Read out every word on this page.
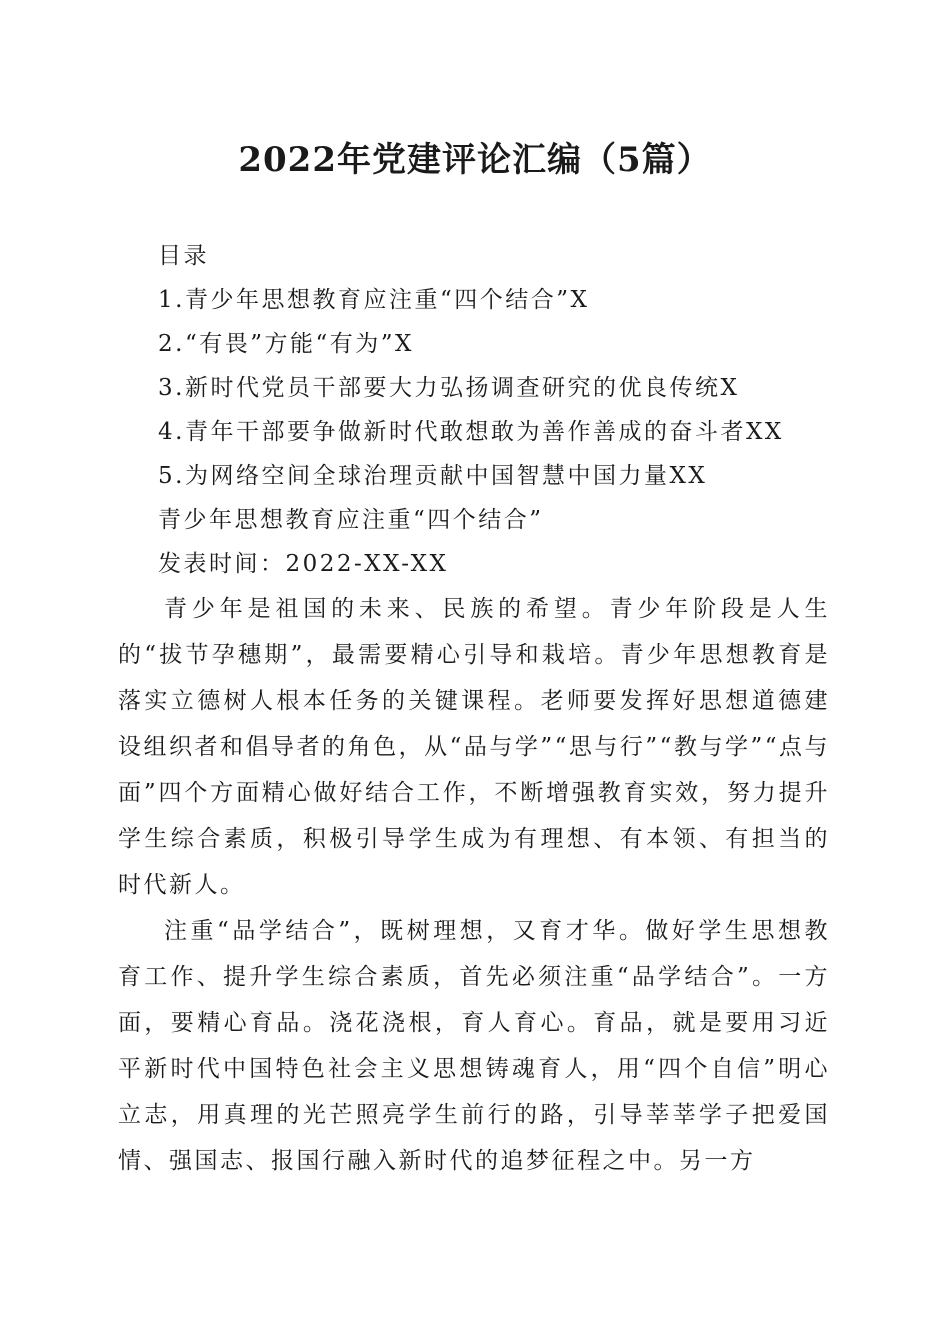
2022年党建评论汇编（5篇）
目录
1.青少年思想教育应注重“四个结合”X
2.“有畏”方能“有为”X
3.新时代党员干部要大力弘扬调查研究的优良传统X
4.青年干部要争做新时代敢想敢为善作善成的奋斗者XX
5.为网络空间全球治理贡献中国智慧中国力量XX
青少年思想教育应注重“四个结合”
发表时间：2022-XX-XX

青少年是祖国的未来、民族的希望。青少年阶段是人生的“拔节孕穗期”，最需要精心引导和栽培。青少年思想教育是落实立德树人根本任务的关键课程。老师要发挥好思想道德建设组织者和倡导者的角色，从“品与学”“思与行”“教与学”“点与面”四个方面精心做好结合工作，不断增强教育实效，努力提升学生综合素质，积极引导学生成为有理想、有本领、有担当的时代新人。

注重“品学结合”，既树理想，又育才华。做好学生思想教育工作、提升学生综合素质，首先必须注重“品学结合”。一方面，要精心育品。浇花浇根，育人育心。育品，就是要用习近平新时代中国特色社会主义思想铸魂育人，用“四个自信”明心立志，用真理的光芒照亮学生前行的路，引导莘莘学子把爱国情、强国志、报国行融入新时代的追梦征程之中。另一方
